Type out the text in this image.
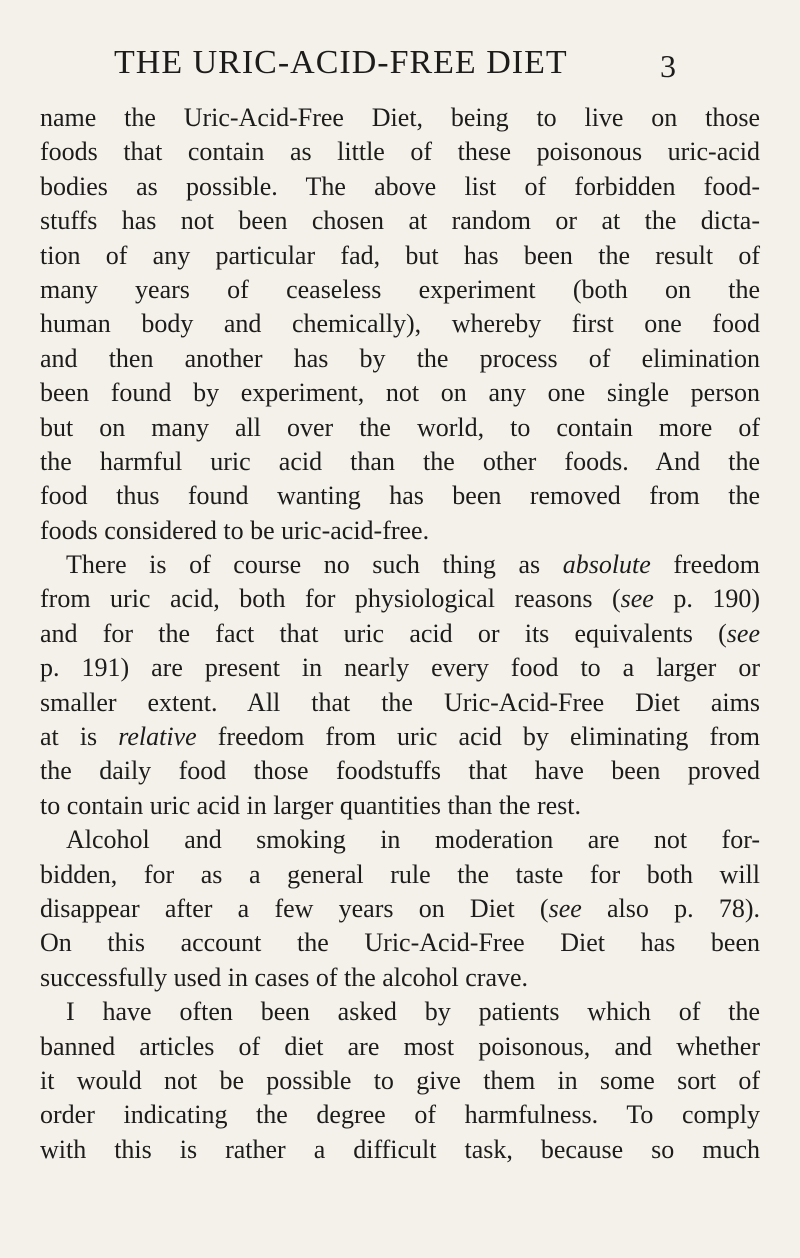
THE URIC-ACID-FREE DIET	3
name the Uric-Acid-Free Diet, being to live on those
foods that contain as little of these poisonous uric-acid
bodies as possible. The above list of forbidden food-
stuffs has not been chosen at random or at the dicta-
tion of any particular fad, but has been the result of
many years of ceaseless experiment (both on the
human body and chemically), whereby first one food
and then another has by the process of elimination
been found by experiment, not on any one single person
but on many all over the world, to contain more of
the harmful uric acid than the other foods. And the
food thus found wanting has been removed from the
foods considered to be uric-acid-free.
There is of course no such thing as absolute freedom
from uric acid, both for physiological reasons (see p. 190)
and for the fact that uric acid or its equivalents (see
p. 191) are present in nearly every food to a larger or
smaller extent. All that the Uric-Acid-Free Diet aims
at is relative freedom from uric acid by eliminating from
the daily food those foodstuffs that have been proved
to contain uric acid in larger quantities than the rest.
Alcohol and smoking in moderation are not for-
bidden, for as a general rule the taste for both will
disappear after a few years on Diet (see also p. 78).
On this account the Uric-Acid-Free Diet has been
successfully used in cases of the alcohol crave.
I have often been asked by patients which of the
banned articles of diet are most poisonous, and whether
it would not be possible to give them in some sort of
order indicating the degree of harmfulness. To comply
with this is rather a difficult task, because so much
